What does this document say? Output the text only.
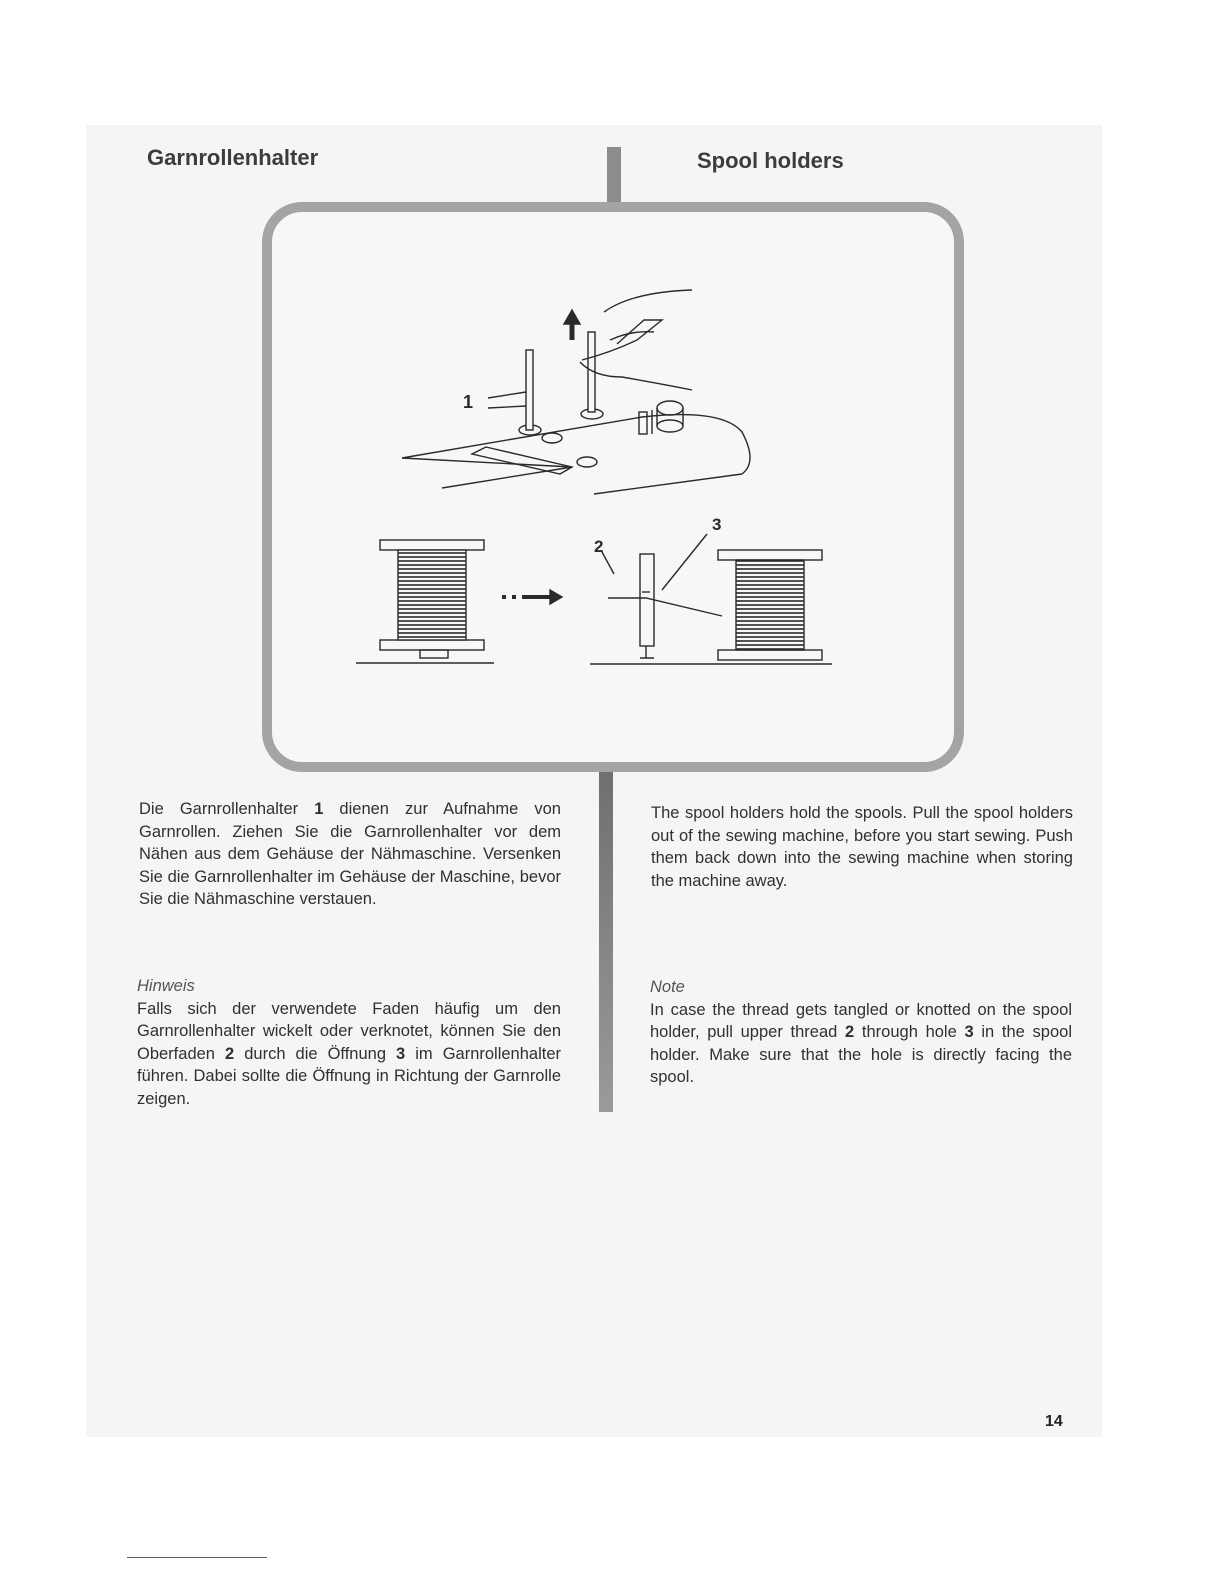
Garnrollenhalter	Spool holders
1
2
3
Die Garnrollenhalter 1 dienen zur Aufnahme von Garnrollen. Ziehen Sie die Garnrollenhalter vor dem Nähen aus dem Gehäuse der Nähmaschine. Versenken Sie die Garnrollenhalter im Gehäuse der Maschine, bevor Sie die Nähmaschine verstauen.
The spool holders hold the spools. Pull the spool holders out of the sewing machine, before you start sewing. Push them back down into the sewing machine when storing the machine away.
Hinweis
Falls sich der verwendete Faden häufig um den Garnrollenhalter wickelt oder verknotet, können Sie den Oberfaden 2 durch die Öffnung 3 im Garnrollenhalter führen. Dabei sollte die Öffnung in Richtung der Garnrolle zeigen.
Note
In case the thread gets tangled or knotted on the spool holder, pull upper thread 2 through hole 3 in the spool holder. Make sure that the hole is directly facing the spool.
14
